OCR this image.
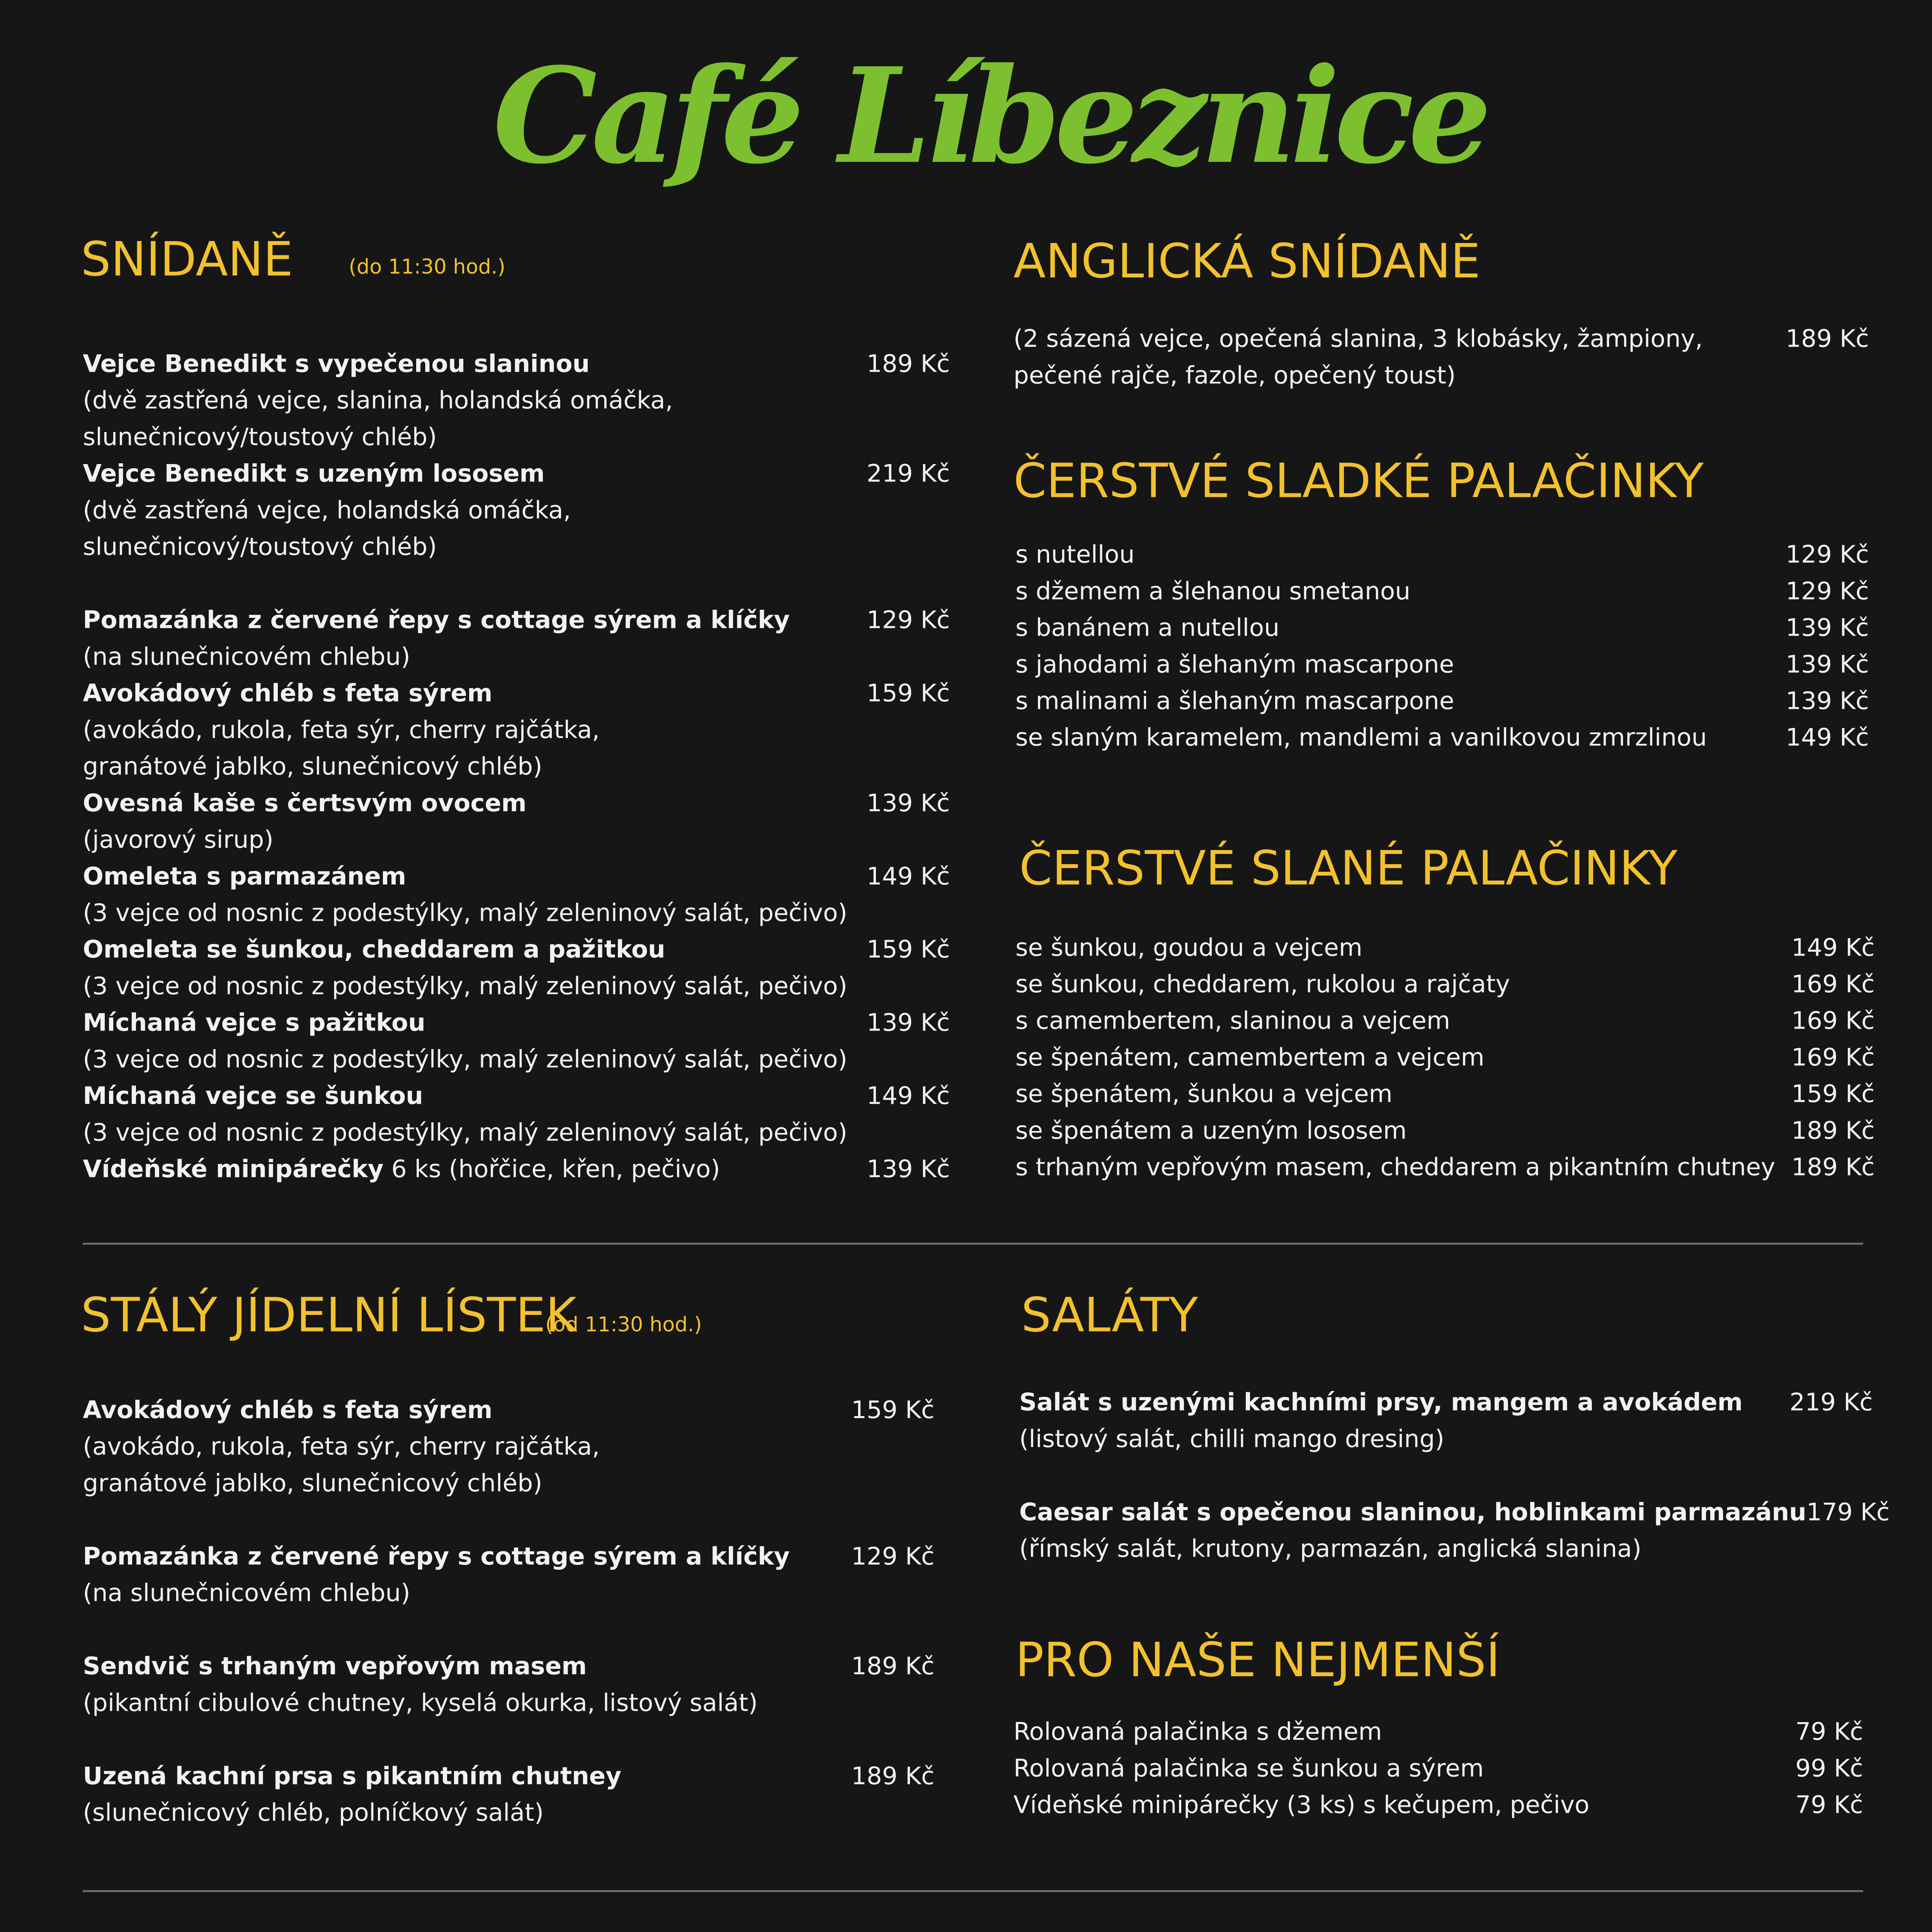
Café Líbeznice
SNÍDANĚ	(do 11:30 hod.)
Vejce Benedikt s vypečenou slaninou	189 Kč
(dvě zastřená vejce, slanina, holandská omáčka,
slunečnicový/toustový chléb)
Vejce Benedikt s uzeným lososem	219 Kč
(dvě zastřená vejce, holandská omáčka,
slunečnicový/toustový chléb)
Pomazánka z červené řepy s cottage sýrem a klíčky	129 Kč
(na slunečnicovém chlebu)
Avokádový chléb s feta sýrem	159 Kč
(avokádo, rukola, feta sýr, cherry rajčátka,
granátové jablko, slunečnicový chléb)
Ovesná kaše s čertsvým ovocem	139 Kč
(javorový sirup)
Omeleta s parmazánem	149 Kč
(3 vejce od nosnic z podestýlky, malý zeleninový salát, pečivo)
Omeleta se šunkou, cheddarem a pažitkou	159 Kč
(3 vejce od nosnic z podestýlky, malý zeleninový salát, pečivo)
Míchaná vejce s pažitkou	139 Kč
(3 vejce od nosnic z podestýlky, malý zeleninový salát, pečivo)
Míchaná vejce se šunkou	149 Kč
(3 vejce od nosnic z podestýlky, malý zeleninový salát, pečivo)
Vídeňské minipárečky 6 ks (hořčice, křen, pečivo)	139 Kč
ANGLICKÁ SNÍDANĚ
(2 sázená vejce, opečená slanina, 3 klobásky, žampiony,	189 Kč
pečené rajče, fazole, opečený toust)
ČERSTVÉ SLADKÉ PALAČINKY
s nutellou	129 Kč
s džemem a šlehanou smetanou	129 Kč
s banánem a nutellou	139 Kč
s jahodami a šlehaným mascarpone	139 Kč
s malinami a šlehaným mascarpone	139 Kč
se slaným karamelem, mandlemi a vanilkovou zmrzlinou	149 Kč
ČERSTVÉ SLANÉ PALAČINKY
se šunkou, goudou a vejcem	149 Kč
se šunkou, cheddarem, rukolou a rajčaty	169 Kč
s camembertem, slaninou a vejcem	169 Kč
se špenátem, camembertem a vejcem	169 Kč
se špenátem, šunkou a vejcem	159 Kč
se špenátem a uzeným lososem	189 Kč
s trhaným vepřovým masem, cheddarem a pikantním chutney	189 Kč
STÁLÝ JÍDELNÍ LÍSTEK
(od 11:30 hod.)
Avokádový chléb s feta sýrem	159 Kč
(avokádo, rukola, feta sýr, cherry rajčátka,
granátové jablko, slunečnicový chléb)
Pomazánka z červené řepy s cottage sýrem a klíčky	129 Kč
(na slunečnicovém chlebu)
Sendvič s trhaným vepřovým masem	189 Kč
(pikantní cibulové chutney, kyselá okurka, listový salát)
Uzená kachní prsa s pikantním chutney	189 Kč
(slunečnicový chléb, polníčkový salát)
SALÁTY
Salát s uzenými kachními prsy, mangem a avokádem	219 Kč
(listový salát, chilli mango dresing)
Caesar salát s opečenou slaninou, hoblinkami parmazánu 179 Kč
(římský salát, krutony, parmazán, anglická slanina)
PRO NAŠE NEJMENŠÍ
Rolovaná palačinka s džemem	79 Kč
Rolovaná palačinka se šunkou a sýrem	99 Kč
Vídeňské minipárečky (3 ks) s kečupem, pečivo	79 Kč
